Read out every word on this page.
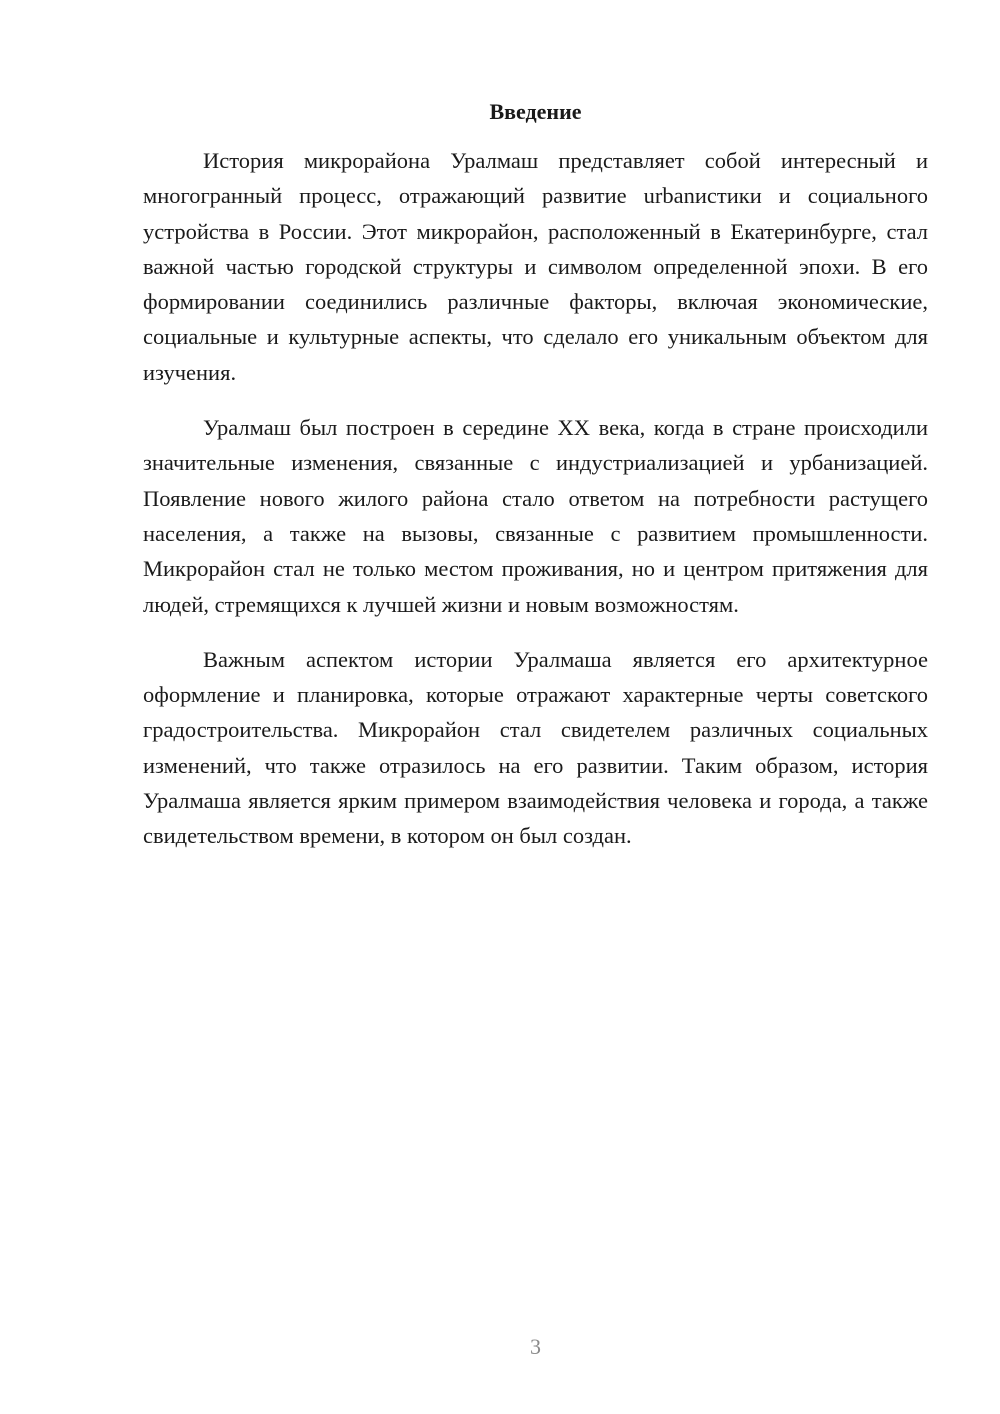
Введение

История микрорайона Уралмаш представляет собой интересный и многогранный процесс, отражающий развитие urbanистики и социального устройства в России. Этот микрорайон, расположенный в Екатеринбурге, стал важной частью городской структуры и символом определенной эпохи. В его формировании соединились различные факторы, включая экономические, социальные и культурные аспекты, что сделало его уникальным объектом для изучения.

Уралмаш был построен в середине XX века, когда в стране происходили значительные изменения, связанные с индустриализацией и урбанизацией. Появление нового жилого района стало ответом на потребности растущего населения, а также на вызовы, связанные с развитием промышленности. Микрорайон стал не только местом проживания, но и центром притяжения для людей, стремящихся к лучшей жизни и новым возможностям.

Важным аспектом истории Уралмаша является его архитектурное оформление и планировка, которые отражают характерные черты советского градостроительства. Микрорайон стал свидетелем различных социальных изменений, что также отразилось на его развитии. Таким образом, история Уралмаша является ярким примером взаимодействия человека и города, а также свидетельством времени, в котором он был создан.

3
